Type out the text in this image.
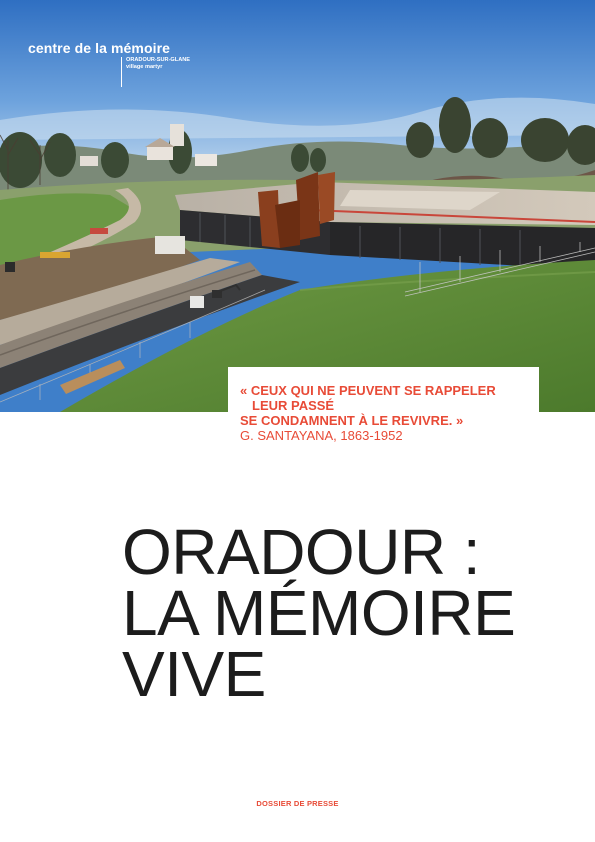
centre de la mémoire
ORADOUR-SUR-GLANE
village martyr
« CEUX QUI NE PEUVENT SE RAPPELER
LEUR PASSÉ
SE CONDAMNENT À LE REVIVRE. »
G. SANTAYANA, 1863-1952
ORADOUR :
LA MÉMOIRE
VIVE
DOSSIER DE PRESSE
